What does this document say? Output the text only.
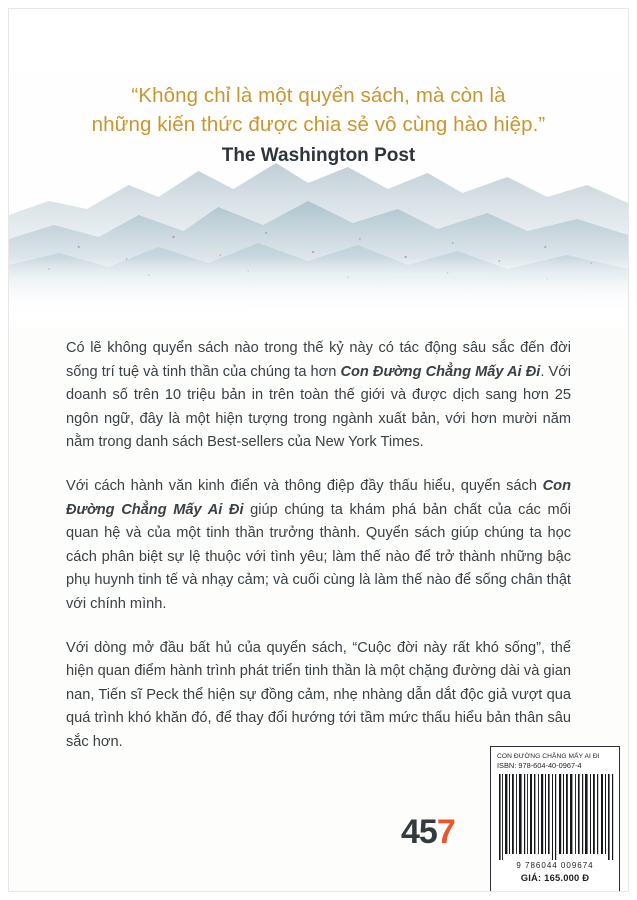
“Không chỉ là một quyển sách, mà còn là
những kiến thức được chia sẻ vô cùng hào hiệp.”
The Washington Post

Có lẽ không quyển sách nào trong thế kỷ này có tác động sâu sắc đến đời sống trí tuệ và tinh thần của chúng ta hơn Con Đường Chẳng Mấy Ai Đi. Với doanh số trên 10 triệu bản in trên toàn thế giới và được dịch sang hơn 25 ngôn ngữ, đây là một hiện tượng trong ngành xuất bản, với hơn mười năm nằm trong danh sách Best-sellers của New York Times.

Với cách hành văn kinh điển và thông điệp đầy thấu hiểu, quyển sách Con Đường Chẳng Mấy Ai Đi giúp chúng ta khám phá bản chất của các mối quan hệ và của một tinh thần trưởng thành. Quyển sách giúp chúng ta học cách phân biệt sự lệ thuộc với tình yêu; làm thế nào để trở thành những bậc phụ huynh tinh tế và nhạy cảm; và cuối cùng là làm thế nào để sống chân thật với chính mình.

Với dòng mở đầu bất hủ của quyển sách, “Cuộc đời này rất khó sống”, thể hiện quan điểm hành trình phát triển tinh thần là một chặng đường dài và gian nan, Tiến sĩ Peck thể hiện sự đồng cảm, nhẹ nhàng dẫn dắt độc giả vượt qua quá trình khó khăn đó, để thay đổi hướng tới tầm mức thấu hiểu bản thân sâu sắc hơn.

457
CON ĐƯỜNG CHẴNG MẤY AI ĐI
ISBN: 978-604-40-0967-4
9 786044 009674
GIÁ: 165.000 Đ
